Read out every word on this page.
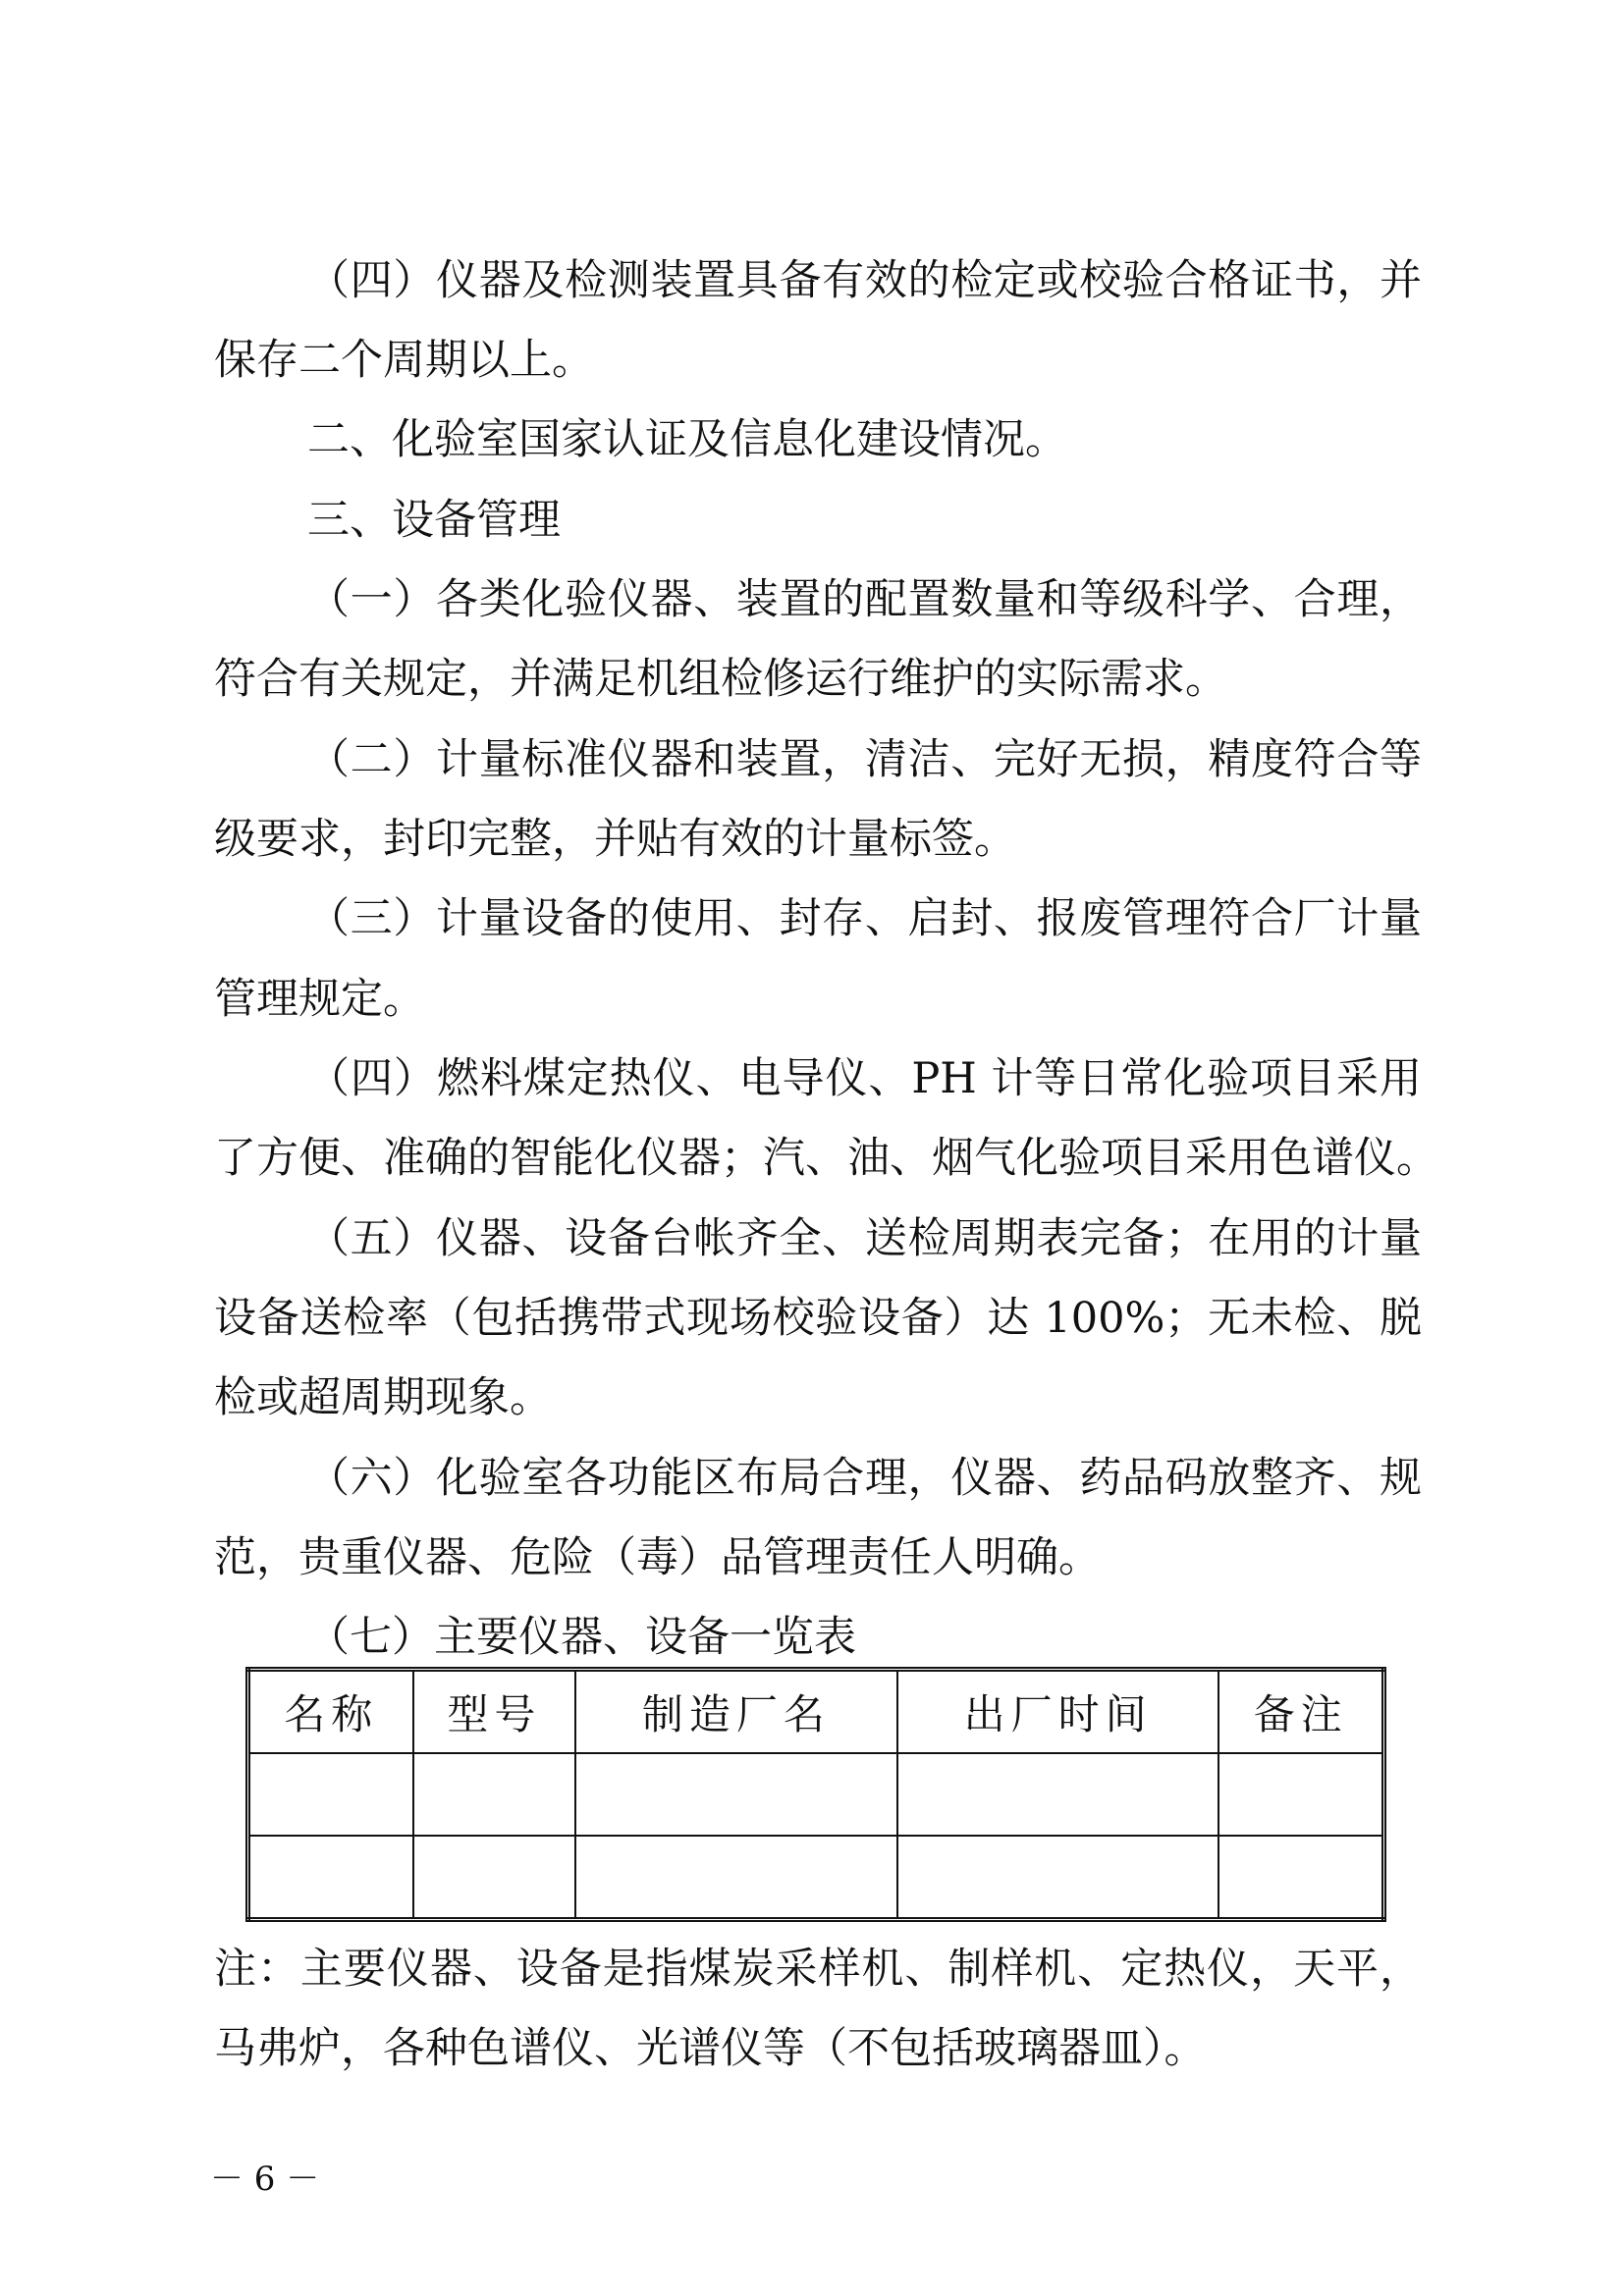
（四）仪器及检测装置具备有效的检定或校验合格证书，并
保存二个周期以上。
二、化验室国家认证及信息化建设情况。
三、设备管理
（一）各类化验仪器、装置的配置数量和等级科学、合理，
符合有关规定，并满足机组检修运行维护的实际需求。
（二）计量标准仪器和装置，清洁、完好无损，精度符合等
级要求，封印完整，并贴有效的计量标签。
（三）计量设备的使用、封存、启封、报废管理符合厂计量
管理规定。
（四）燃料煤定热仪、电导仪、PH 计等日常化验项目采用
了方便、准确的智能化仪器；汽、油、烟气化验项目采用色谱仪。
（五）仪器、设备台帐齐全、送检周期表完备；在用的计量
设备送检率（包括携带式现场校验设备）达 100%；无未检、脱
检或超周期现象。
（六）化验室各功能区布局合理，仪器、药品码放整齐、规
范，贵重仪器、危险（毒）品管理责任人明确。
（七）主要仪器、设备一览表
名称	型号	制造厂名	出厂时间	备注

注：主要仪器、设备是指煤炭采样机、制样机、定热仪，天平，
马弗炉，各种色谱仪、光谱仪等（不包括玻璃器皿）。
－ 6 －
